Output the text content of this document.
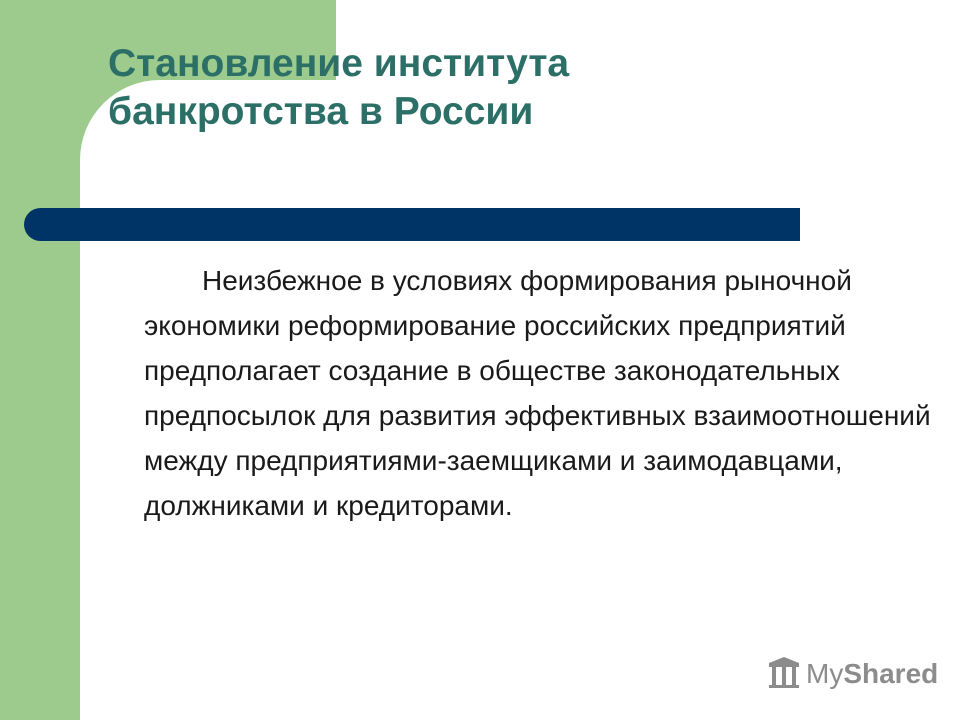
Становление института
банкротства в России

Неизбежное в условиях формирования рыночной экономики реформирование российских предприятий предполагает создание в обществе законодательных предпосылок для развития эффективных взаимоотношений между предприятиями-заемщиками и заимодавцами, должниками и кредиторами.

MyShared
